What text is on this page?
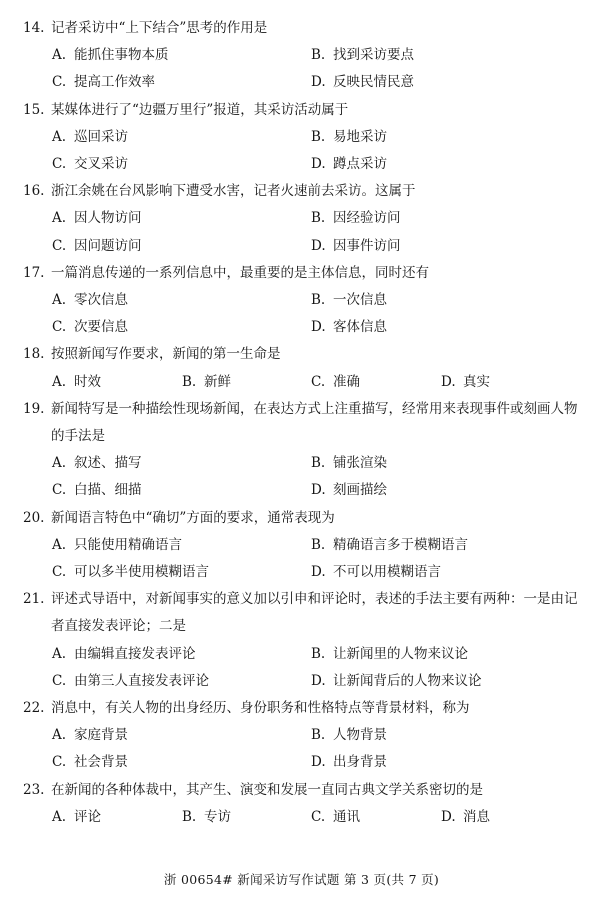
14. 记者采访中“上下结合”思考的作用是
A. 能抓住事物本质	B. 找到采访要点
C. 提高工作效率	D. 反映民情民意
15. 某媒体进行了“边疆万里行”报道，其采访活动属于
A. 巡回采访	B. 易地采访
C. 交叉采访	D. 蹲点采访
16. 浙江余姚在台风影响下遭受水害，记者火速前去采访。这属于
A. 因人物访问	B. 因经验访问
C. 因问题访问	D. 因事件访问
17. 一篇消息传递的一系列信息中，最重要的是主体信息，同时还有
A. 零次信息	B. 一次信息
C. 次要信息	D. 客体信息
18. 按照新闻写作要求，新闻的第一生命是
A. 时效	B. 新鲜	C. 准确	D. 真实
19. 新闻特写是一种描绘性现场新闻，在表达方式上注重描写，经常用来表现事件或刻画人物的手法是
A. 叙述、描写	B. 铺张渲染
C. 白描、细描	D. 刻画描绘
20. 新闻语言特色中“确切”方面的要求，通常表现为
A. 只能使用精确语言	B. 精确语言多于模糊语言
C. 可以多半使用模糊语言	D. 不可以用模糊语言
21. 评述式导语中，对新闻事实的意义加以引申和评论时，表述的手法主要有两种：一是由记者直接发表评论；二是
A. 由编辑直接发表评论	B. 让新闻里的人物来议论
C. 由第三人直接发表评论	D. 让新闻背后的人物来议论
22. 消息中，有关人物的出身经历、身份职务和性格特点等背景材料，称为
A. 家庭背景	B. 人物背景
C. 社会背景	D. 出身背景
23. 在新闻的各种体裁中，其产生、演变和发展一直同古典文学关系密切的是
A. 评论	B. 专访	C. 通讯	D. 消息
浙 00654# 新闻采访写作试题 第 3 页(共 7 页)
